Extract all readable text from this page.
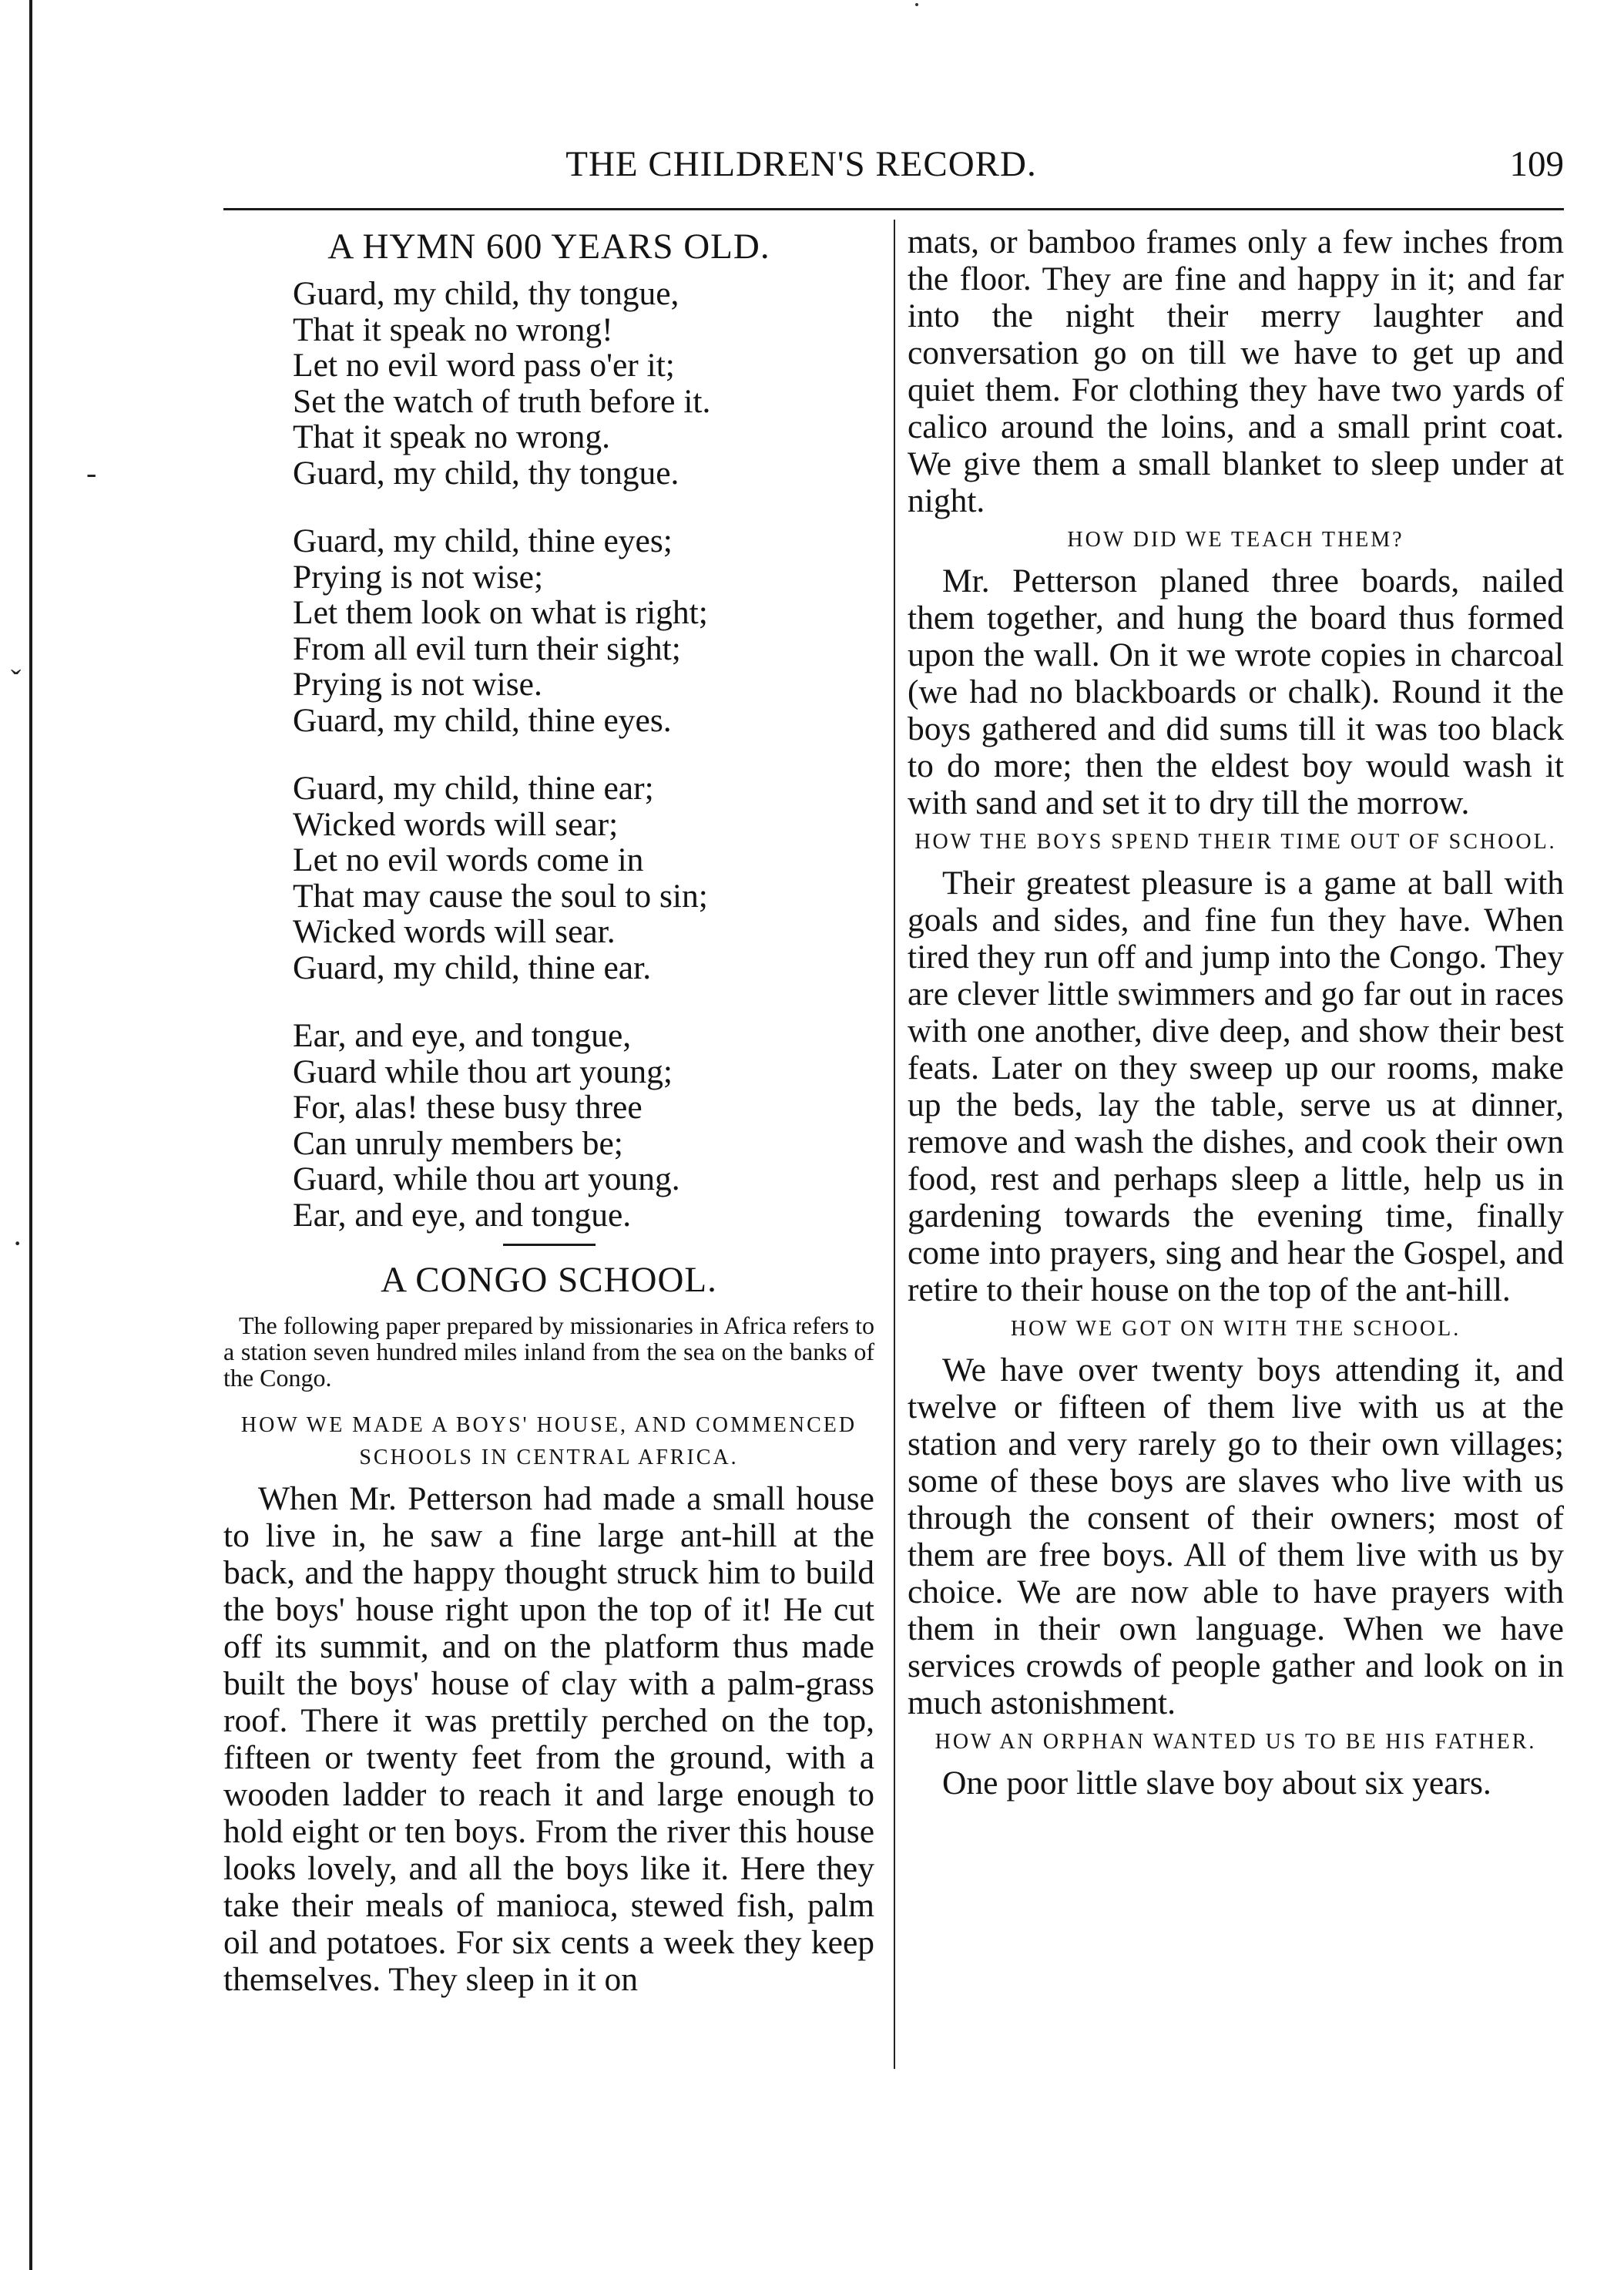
-
ˇ
·
THE CHILDREN'S RECORD.	109
A HYMN 600 YEARS OLD.
Guard, my child, thy tongue,
That it speak no wrong!
Let no evil word pass o'er it;
Set the watch of truth before it.
That it speak no wrong.
Guard, my child, thy tongue.
Guard, my child, thine eyes;
Prying is not wise;
Let them look on what is right;
From all evil turn their sight;
Prying is not wise.
Guard, my child, thine eyes.
Guard, my child, thine ear;
Wicked words will sear;
Let no evil words come in
That may cause the soul to sin;
Wicked words will sear.
Guard, my child, thine ear.
Ear, and eye, and tongue,
Guard while thou art young;
For, alas! these busy three
Can unruly members be;
Guard, while thou art young.
Ear, and eye, and tongue.
A CONGO SCHOOL.

The following paper prepared by missionaries in Africa refers to a station seven hundred miles inland from the sea on the banks of the Congo.

HOW WE MADE A BOYS' HOUSE, AND COMMENCED SCHOOLS IN CENTRAL AFRICA.

When Mr. Petterson had made a small house to live in, he saw a fine large ant-hill at the back, and the happy thought struck him to build the boys' house right upon the top of it! He cut off its summit, and on the platform thus made built the boys' house of clay with a palm-grass roof. There it was prettily perched on the top, fifteen or twenty feet from the ground, with a wooden ladder to reach it and large enough to hold eight or ten boys. From the river this house looks lovely, and all the boys like it. Here they take their meals of manioca, stewed fish, palm oil and potatoes. For six cents a week they keep themselves. They sleep in it on

mats, or bamboo frames only a few inches from the floor. They are fine and happy in it; and far into the night their merry laughter and conversation go on till we have to get up and quiet them. For clothing they have two yards of calico around the loins, and a small print coat. We give them a small blanket to sleep under at night.

HOW DID WE TEACH THEM?

Mr. Petterson planed three boards, nailed them together, and hung the board thus formed upon the wall. On it we wrote copies in charcoal (we had no blackboards or chalk). Round it the boys gathered and did sums till it was too black to do more; then the eldest boy would wash it with sand and set it to dry till the morrow.

HOW THE BOYS SPEND THEIR TIME OUT OF SCHOOL.

Their greatest pleasure is a game at ball with goals and sides, and fine fun they have. When tired they run off and jump into the Congo. They are clever little swimmers and go far out in races with one another, dive deep, and show their best feats. Later on they sweep up our rooms, make up the beds, lay the table, serve us at dinner, remove and wash the dishes, and cook their own food, rest and perhaps sleep a little, help us in gardening towards the evening time, finally come into prayers, sing and hear the Gospel, and retire to their house on the top of the ant-hill.

HOW WE GOT ON WITH THE SCHOOL.

We have over twenty boys attending it, and twelve or fifteen of them live with us at the station and very rarely go to their own villages; some of these boys are slaves who live with us through the consent of their owners; most of them are free boys. All of them live with us by choice. We are now able to have prayers with them in their own language. When we have services crowds of people gather and look on in much astonishment.

HOW AN ORPHAN WANTED US TO BE HIS FATHER.

One poor little slave boy about six years.
